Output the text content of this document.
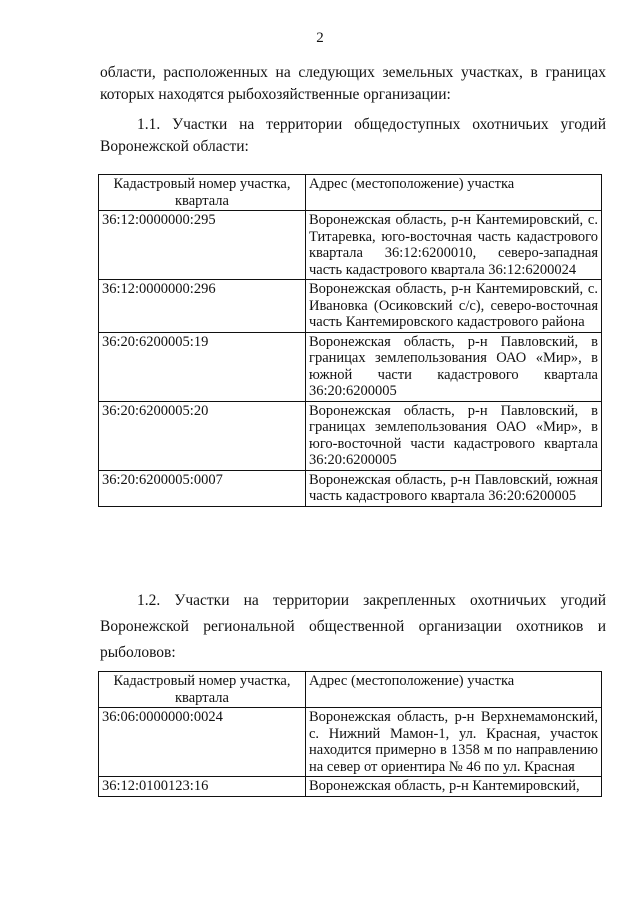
2
области, расположенных на следующих земельных участках, в границах которых находятся рыбохозяйственные организации:
1.1. Участки на территории общедоступных охотничьих угодий Воронежской области:
Кадастровый номер участка, квартала	Адрес (местоположение) участка
36:12:0000000:295	Воронежская область, р-н Кантемировский, с. Титаревка, юго-восточная часть кадастрового квартала 36:12:6200010, северо-западная часть кадастрового квартала 36:12:6200024
36:12:0000000:296	Воронежская область, р-н Кантемировский, с. Ивановка (Осиковский с/с), северо-восточная часть Кантемировского кадастрового района
36:20:6200005:19	Воронежская область, р-н Павловский, в границах землепользования ОАО «Мир», в южной части кадастрового квартала 36:20:6200005
36:20:6200005:20	Воронежская область, р-н Павловский, в границах землепользования ОАО «Мир», в юго-восточной части кадастрового квартала 36:20:6200005
36:20:6200005:0007	Воронежская область, р-н Павловский, южная часть кадастрового квартала 36:20:6200005
1.2. Участки на территории закрепленных охотничьих угодий Воронежской региональной общественной организации охотников и рыболовов:
Кадастровый номер участка, квартала	Адрес (местоположение) участка
36:06:0000000:0024	Воронежская область, р-н Верхнемамонский, с. Нижний Мамон-1, ул. Красная, участок находится примерно в 1358 м по направлению на север от ориентира № 46 по ул. Красная
36:12:0100123:16	Воронежская область, р-н Кантемировский,
